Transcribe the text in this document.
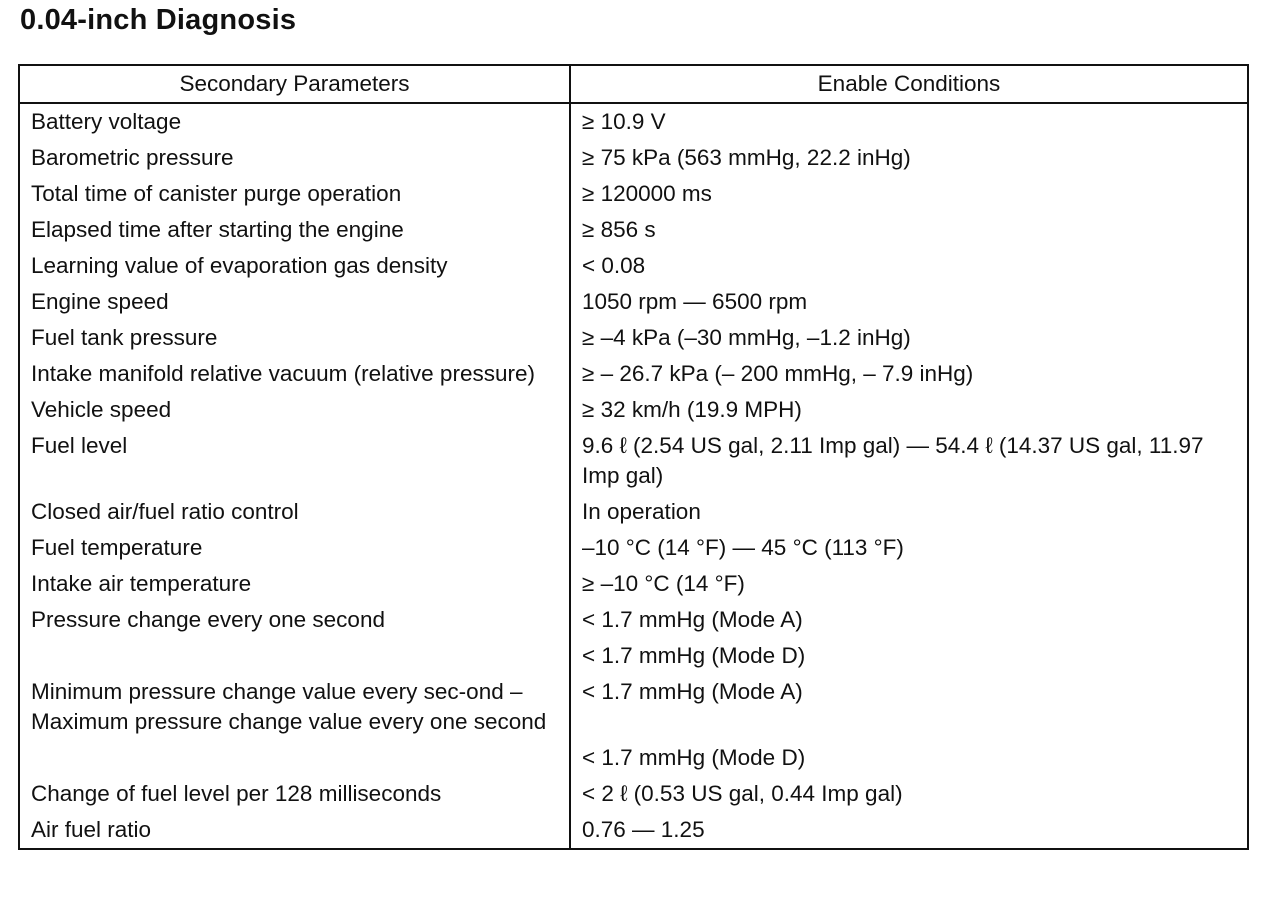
0.04-inch Diagnosis
Secondary Parameters	Enable Conditions
Battery voltage	≥ 10.9 V
Barometric pressure	≥ 75 kPa (563 mmHg, 22.2 inHg)
Total time of canister purge operation	≥ 120000 ms
Elapsed time after starting the engine	≥ 856 s
Learning value of evaporation gas density	< 0.08
Engine speed	1050 rpm — 6500 rpm
Fuel tank pressure	≥ –4 kPa (–30 mmHg, –1.2 inHg)
Intake manifold relative vacuum (relative pressure)	≥ – 26.7 kPa (– 200 mmHg, – 7.9 inHg)
Vehicle speed	≥ 32 km/h (19.9 MPH)
Fuel level	9.6 ℓ (2.54 US gal, 2.11 Imp gal) — 54.4 ℓ (14.37 US gal, 11.97 Imp gal)
Closed air/fuel ratio control	In operation
Fuel temperature	–10 °C (14 °F) — 45 °C (113 °F)
Intake air temperature	≥ –10 °C (14 °F)
Pressure change every one second	< 1.7 mmHg (Mode A)
	< 1.7 mmHg (Mode D)
Minimum pressure change value every sec-ond – Maximum pressure change value every one second	< 1.7 mmHg (Mode A)
	< 1.7 mmHg (Mode D)
Change of fuel level per 128 milliseconds	< 2 ℓ (0.53 US gal, 0.44 Imp gal)
Air fuel ratio	0.76 — 1.25
